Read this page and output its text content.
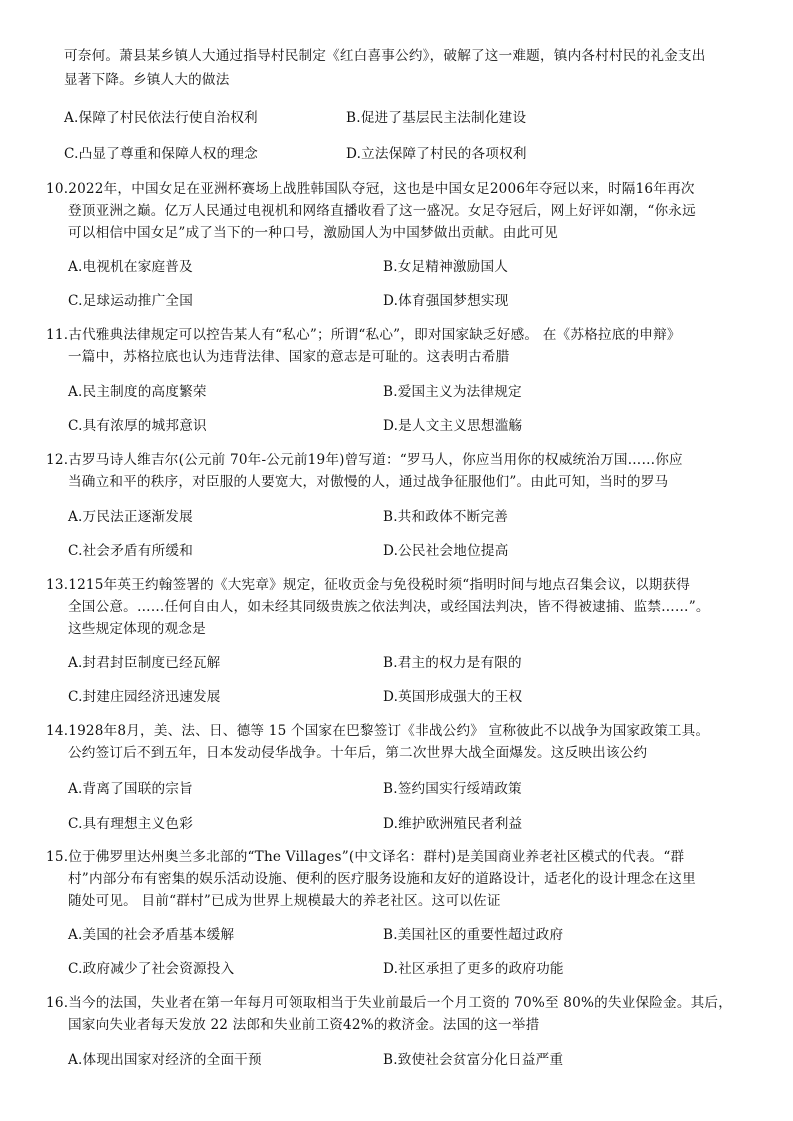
可奈何。萧县某乡镇人大通过指导村民制定《红白喜事公约》，破解了这一难题，镇内各村村民的礼金支出
显著下降。乡镇人大的做法
A.保障了村民依法行使自治权利	B.促进了基层民主法制化建设
C.凸显了尊重和保障人权的理念	D.立法保障了村民的各项权利
10.2022年，中国女足在亚洲杯赛场上战胜韩国队夺冠，这也是中国女足2006年夺冠以来，时隔16年再次
登顶亚洲之巅。亿万人民通过电视机和网络直播收看了这一盛况。女足夺冠后，网上好评如潮，“你永远
可以相信中国女足”成了当下的一种口号，激励国人为中国梦做出贡献。由此可见
A.电视机在家庭普及	B.女足精神激励国人
C.足球运动推广全国	D.体育强国梦想实现
11.古代雅典法律规定可以控告某人有“私心”；所谓“私心”，即对国家缺乏好感。 在《苏格拉底的申辩》
一篇中，苏格拉底也认为违背法律、国家的意志是可耻的。这表明古希腊
A.民主制度的高度繁荣	B.爱国主义为法律规定
C.具有浓厚的城邦意识	D.是人文主义思想滥觞
12.古罗马诗人维吉尔(公元前 70年-公元前19年)曾写道：“罗马人，你应当用你的权威统治万国……你应
当确立和平的秩序，对臣服的人要宽大，对傲慢的人，通过战争征服他们”。由此可知，当时的罗马
A.万民法正逐渐发展	B.共和政体不断完善
C.社会矛盾有所缓和	D.公民社会地位提高
13.1215年英王约翰签署的《大宪章》规定，征收贡金与免役税时须“指明时间与地点召集会议，以期获得
全国公意。……任何自由人，如未经其同级贵族之依法判决，或经国法判决，皆不得被逮捕、监禁……”。
这些规定体现的观念是
A.封君封臣制度已经瓦解	B.君主的权力是有限的
C.封建庄园经济迅速发展	D.英国形成强大的王权
14.1928年8月，美、法、日、德等 15 个国家在巴黎签订《非战公约》 宣称彼此不以战争为国家政策工具。
公约签订后不到五年，日本发动侵华战争。十年后，第二次世界大战全面爆发。这反映出该公约
A.背离了国联的宗旨	B.签约国实行绥靖政策
C.具有理想主义色彩	D.维护欧洲殖民者利益
15.位于佛罗里达州奥兰多北部的“The Villages”(中文译名：群村)是美国商业养老社区模式的代表。“群
村”内部分布有密集的娱乐活动设施、便利的医疗服务设施和友好的道路设计，适老化的设计理念在这里
随处可见。 目前“群村”已成为世界上规模最大的养老社区。这可以佐证
A.美国的社会矛盾基本缓解	B.美国社区的重要性超过政府
C.政府减少了社会资源投入	D.社区承担了更多的政府功能
16.当今的法国，失业者在第一年每月可领取相当于失业前最后一个月工资的 70%至 80%的失业保险金。其后，
国家向失业者每天发放 22 法郎和失业前工资42%的救济金。法国的这一举措
A.体现出国家对经济的全面干预	B.致使社会贫富分化日益严重
